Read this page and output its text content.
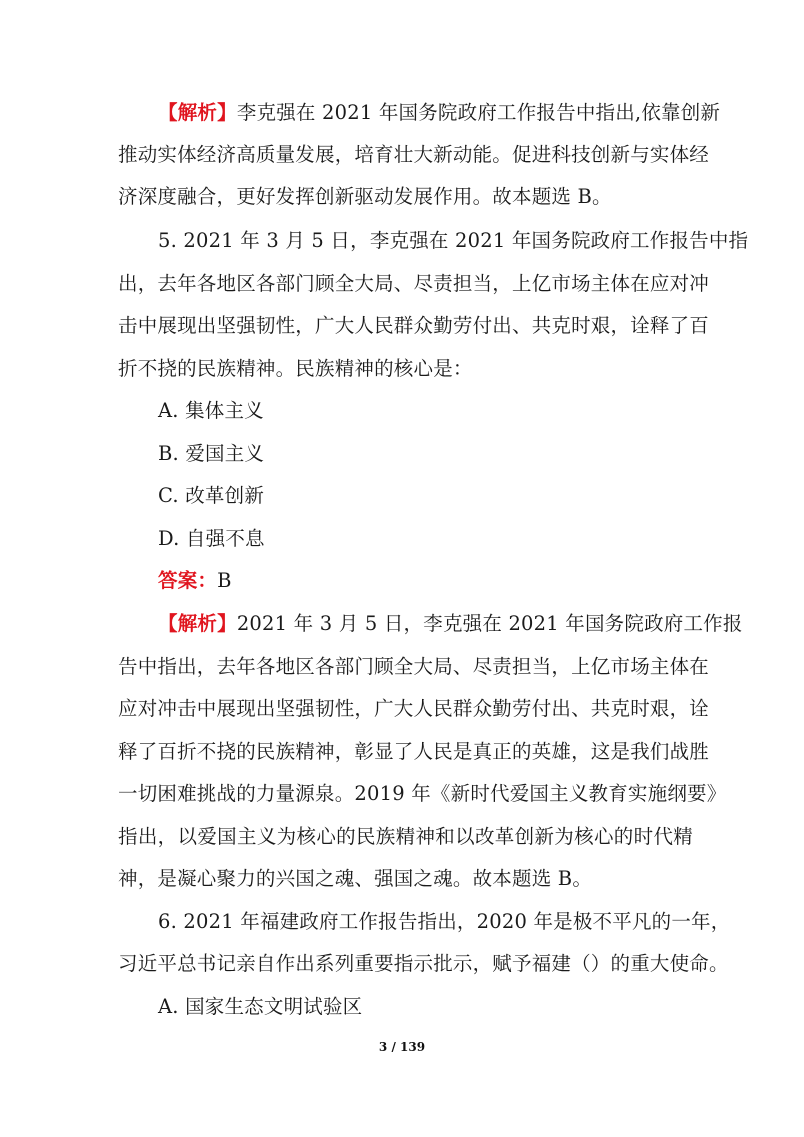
【解析】李克强在 2021 年国务院政府工作报告中指出,依靠创新
推动实体经济高质量发展，培育壮大新动能。促进科技创新与实体经
济深度融合，更好发挥创新驱动发展作用。故本题选 B。
5. 2021 年 3 月 5 日，李克强在 2021 年国务院政府工作报告中指
出，去年各地区各部门顾全大局、尽责担当，上亿市场主体在应对冲
击中展现出坚强韧性，广大人民群众勤劳付出、共克时艰，诠释了百
折不挠的民族精神。民族精神的核心是：
A. 集体主义
B. 爱国主义
C. 改革创新
D. 自强不息
答案：B
【解析】2021 年 3 月 5 日，李克强在 2021 年国务院政府工作报
告中指出，去年各地区各部门顾全大局、尽责担当，上亿市场主体在
应对冲击中展现出坚强韧性，广大人民群众勤劳付出、共克时艰，诠
释了百折不挠的民族精神，彰显了人民是真正的英雄，这是我们战胜
一切困难挑战的力量源泉。2019 年《新时代爱国主义教育实施纲要》
指出，以爱国主义为核心的民族精神和以改革创新为核心的时代精
神，是凝心聚力的兴国之魂、强国之魂。故本题选 B。
6. 2021 年福建政府工作报告指出，2020 年是极不平凡的一年，
习近平总书记亲自作出系列重要指示批示，赋予福建（）的重大使命。
A. 国家生态文明试验区
3 / 139
